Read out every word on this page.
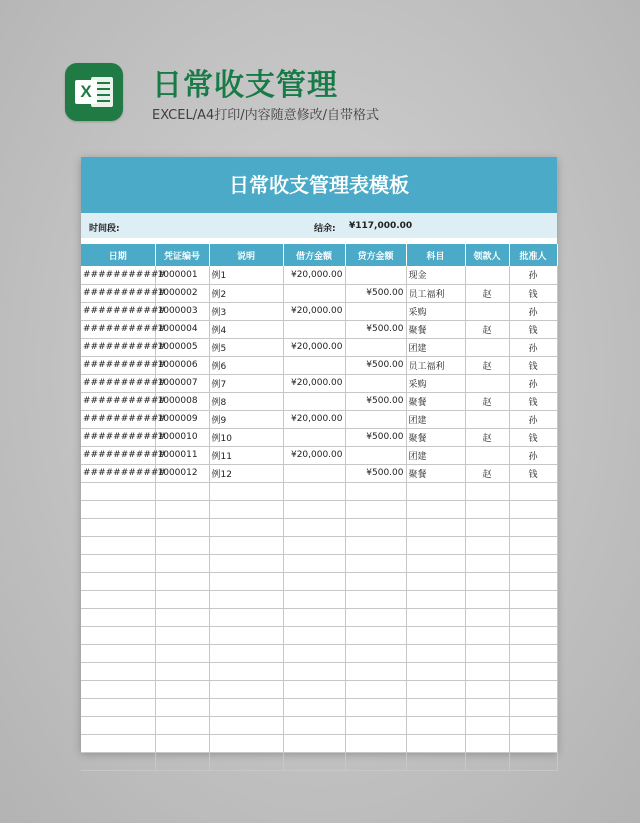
X 日常收支管理
EXCEL/A4打印/内容随意修改/自带格式
日常收支管理表模板
时间段:	结余: ¥117,000.00
日期	凭证编号	说明	借方金额	贷方金额	科目	领款人	批准人
###########	1000001	例1	¥20,000.00		现金		孙
###########	1000002	例2		¥500.00	员工福利	赵	钱
###########	1000003	例3	¥20,000.00		采购		孙
###########	1000004	例4		¥500.00	聚餐	赵	钱
###########	1000005	例5	¥20,000.00		团建		孙
###########	1000006	例6		¥500.00	员工福利	赵	钱
###########	1000007	例7	¥20,000.00		采购		孙
###########	1000008	例8		¥500.00	聚餐	赵	钱
###########	1000009	例9	¥20,000.00		团建		孙
###########	1000010	例10		¥500.00	聚餐	赵	钱
###########	1000011	例11	¥20,000.00		团建		孙
###########	1000012	例12		¥500.00	聚餐	赵	钱
